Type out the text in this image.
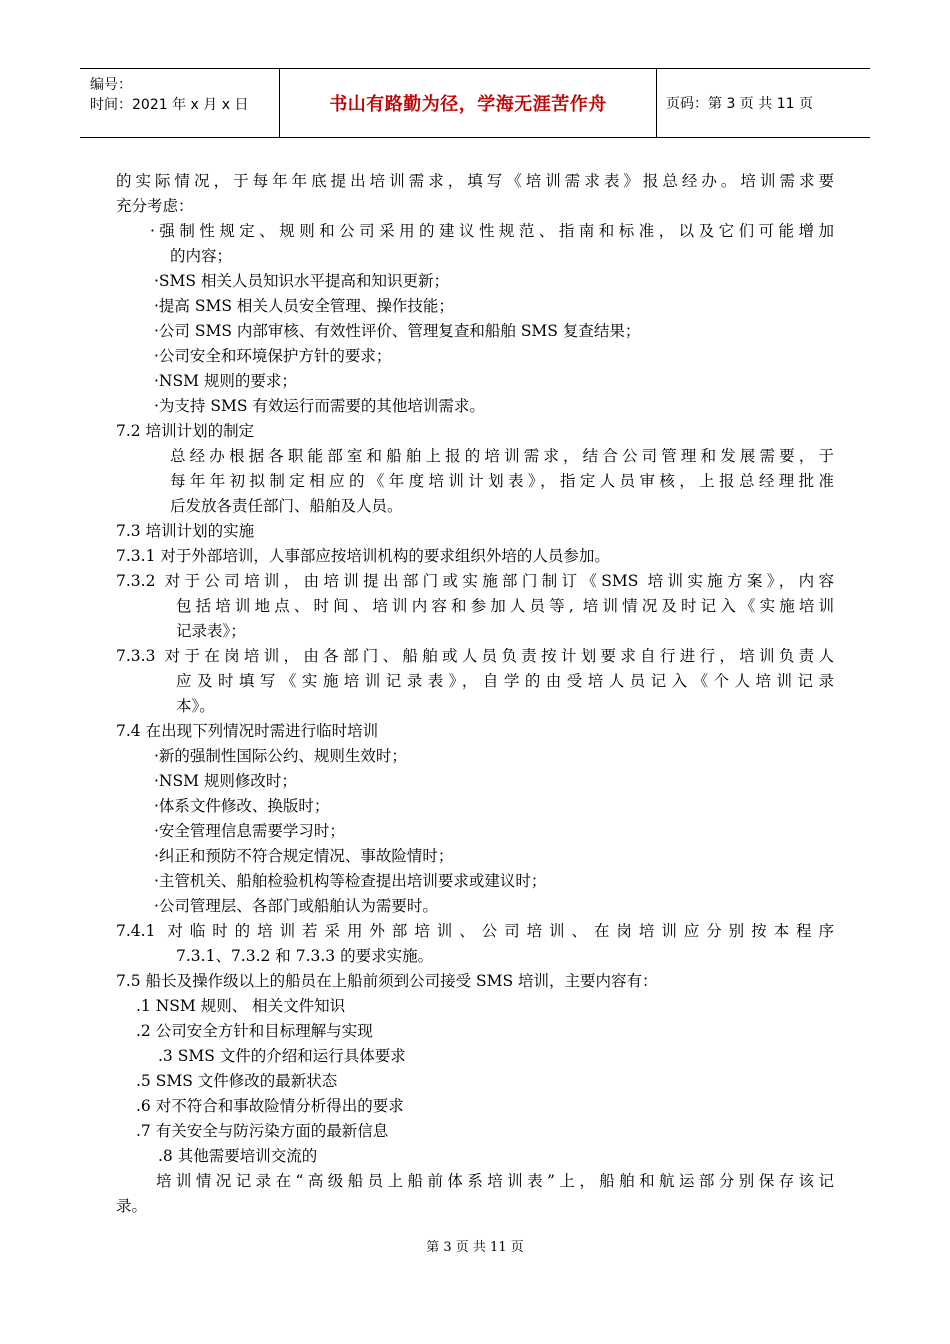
编号：
时间：2021 年 x 月 x 日	书山有路勤为径，学海无涯苦作舟	页码：第 3 页 共 11 页
的实际情况，于每年年底提出培训需求，填写《培训需求表》报总经办。培训需求要
充分考虑：
·强制性规定、规则和公司采用的建议性规范、指南和标准，以及它们可能增加
的内容；
·SMS 相关人员知识水平提高和知识更新；
·提高 SMS 相关人员安全管理、操作技能；
·公司 SMS 内部审核、有效性评价、管理复查和船舶 SMS 复查结果；
·公司安全和环境保护方针的要求；
·NSM 规则的要求；
·为支持 SMS 有效运行而需要的其他培训需求。
7.2 培训计划的制定
总经办根据各职能部室和船舶上报的培训需求，结合公司管理和发展需要，于
每年年初拟制定相应的《年度培训计划表》，指定人员审核，上报总经理批准
后发放各责任部门、船舶及人员。
7.3 培训计划的实施
7.3.1 对于外部培训，人事部应按培训机构的要求组织外培的人员参加。
7.3.2 对于公司培训，由培训提出部门或实施部门制订《SMS 培训实施方案》，内容
包括培训地点、时间、培训内容和参加人员等, 培训情况及时记入《实施培训
记录表》；
7.3.3 对于在岗培训，由各部门、船舶或人员负责按计划要求自行进行，培训负责人
应及时填写《实施培训记录表》，自学的由受培人员记入《个人培训记录
本》。
7.4 在出现下列情况时需进行临时培训
·新的强制性国际公约、规则生效时；
·NSM 规则修改时；
·体系文件修改、换版时；
·安全管理信息需要学习时；
·纠正和预防不符合规定情况、事故险情时；
·主管机关、船舶检验机构等检查提出培训要求或建议时；
·公司管理层、各部门或船舶认为需要时。
7.4.1 对临时的培训若采用外部培训、公司培训、在岗培训应分别按本程序
7.3.1、7.3.2 和 7.3.3 的要求实施。
7.5 船长及操作级以上的船员在上船前须到公司接受 SMS 培训，主要内容有：
.1 NSM 规则、 相关文件知识
.2 公司安全方针和目标理解与实现
.3 SMS 文件的介绍和运行具体要求
.5 SMS 文件修改的最新状态
.6 对不符合和事故险情分析得出的要求
.7 有关安全与防污染方面的最新信息
.8 其他需要培训交流的
培训情况记录在“高级船员上船前体系培训表”上，船舶和航运部分别保存该记
录。
第 3 页 共 11 页
